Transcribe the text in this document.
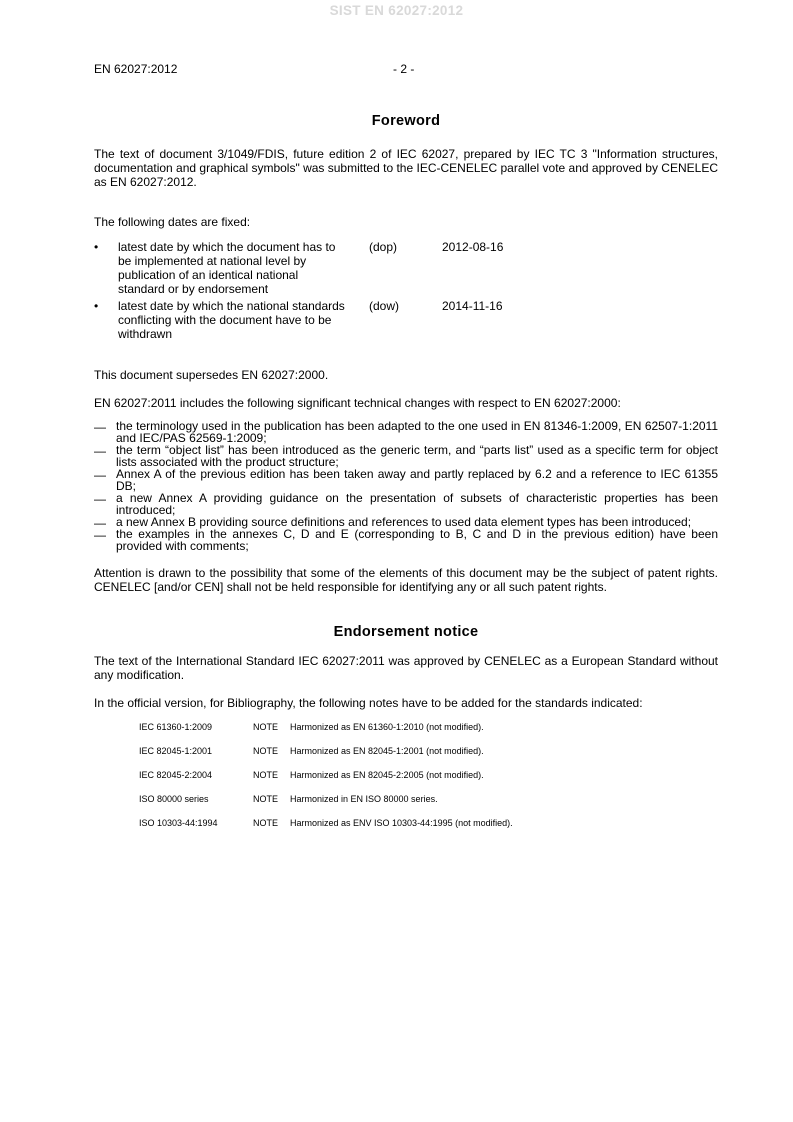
SIST EN 62027:2012
EN 62027:2012	- 2 -
Foreword

The text of document 3/1049/FDIS, future edition 2 of IEC 62027, prepared by IEC TC 3 "Information structures, documentation and graphical symbols" was submitted to the IEC-CENELEC parallel vote and approved by CENELEC as EN 62027:2012.

The following dates are fixed:

• latest date by which the document has to be implemented at national level by publication of an identical national standard or by endorsement
(dop)	2012-08-16
• latest date by which the national standards conflicting with the document have to be withdrawn
(dow)	2014-11-16

This document supersedes EN 62027:2000.

EN 62027:2011 includes the following significant technical changes with respect to EN 62027:2000:

— the terminology used in the publication has been adapted to the one used in EN 81346-1:2009, EN 62507-1:2011 and IEC/PAS 62569-1:2009;
— the term “object list” has been introduced as the generic term, and “parts list” used as a specific term for object lists associated with the product structure;
— Annex A of the previous edition has been taken away and partly replaced by 6.2 and a reference to IEC 61355 DB;
— a new Annex A providing guidance on the presentation of subsets of characteristic properties has been introduced;
— a new Annex B providing source definitions and references to used data element types has been introduced;
— the examples in the annexes C, D and E (corresponding to B, C and D in the previous edition) have been provided with comments;

Attention is drawn to the possibility that some of the elements of this document may be the subject of patent rights. CENELEC [and/or CEN] shall not be held responsible for identifying any or all such patent rights.

Endorsement notice

The text of the International Standard IEC 62027:2011 was approved by CENELEC as a European Standard without any modification.

In the official version, for Bibliography, the following notes have to be added for the standards indicated:

IEC 61360-1:2009	NOTE Harmonized as EN 61360-1:2010 (not modified).
IEC 82045-1:2001	NOTE Harmonized as EN 82045-1:2001 (not modified).
IEC 82045-2:2004	NOTE Harmonized as EN 82045-2:2005 (not modified).
ISO 80000 series	NOTE Harmonized in EN ISO 80000 series.
ISO 10303-44:1994	NOTE Harmonized as ENV ISO 10303-44:1995 (not modified).
